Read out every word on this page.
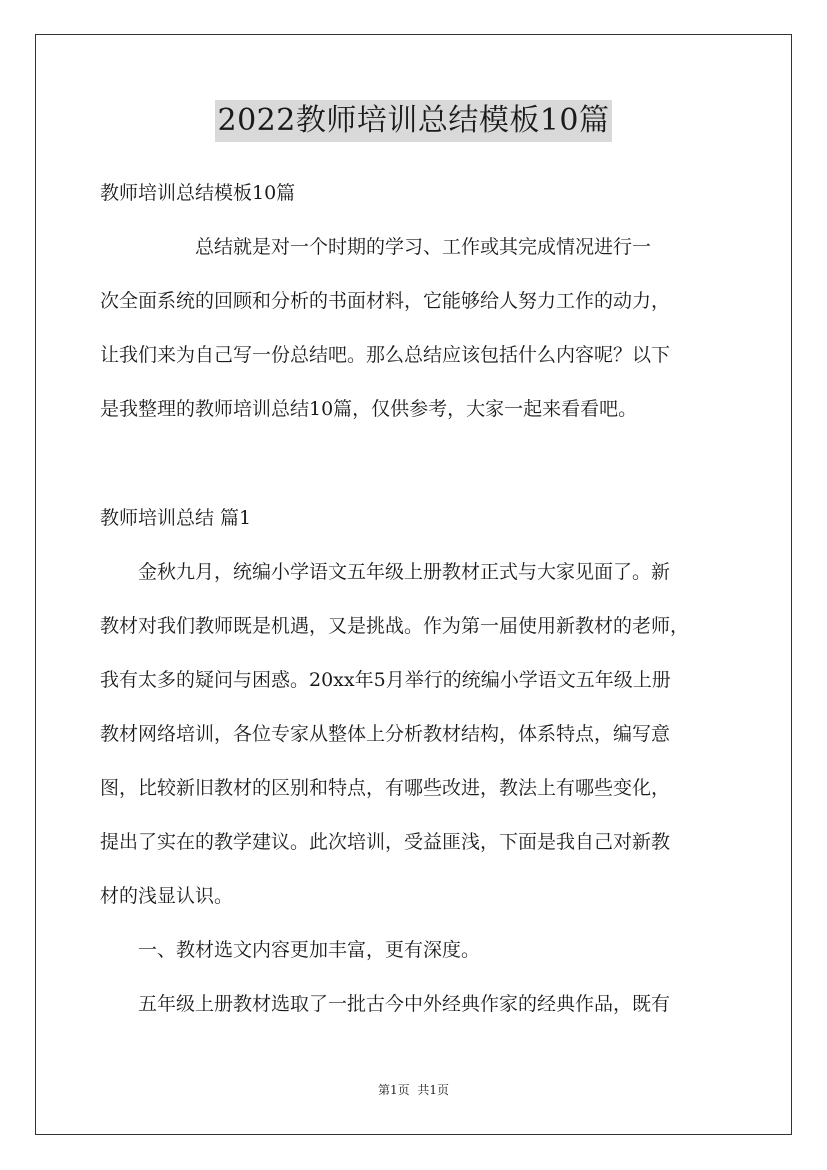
2022教师培训总结模板10篇
教师培训总结模板10篇
　　　　　总结就是对一个时期的学习、工作或其完成情况进行一
次全面系统的回顾和分析的书面材料，它能够给人努力工作的动力，
让我们来为自己写一份总结吧。那么总结应该包括什么内容呢？以下
是我整理的教师培训总结10篇，仅供参考，大家一起来看看吧。
教师培训总结 篇1
　　金秋九月，统编小学语文五年级上册教材正式与大家见面了。新
教材对我们教师既是机遇，又是挑战。作为第一届使用新教材的老师，
我有太多的疑问与困惑。20xx年5月举行的统编小学语文五年级上册
教材网络培训，各位专家从整体上分析教材结构，体系特点，编写意
图，比较新旧教材的区别和特点，有哪些改进，教法上有哪些变化，
提出了实在的教学建议。此次培训，受益匪浅，下面是我自己对新教
材的浅显认识。
　　一、教材选文内容更加丰富，更有深度。
　　五年级上册教材选取了一批古今中外经典作家的经典作品，既有
第1页 共1页
